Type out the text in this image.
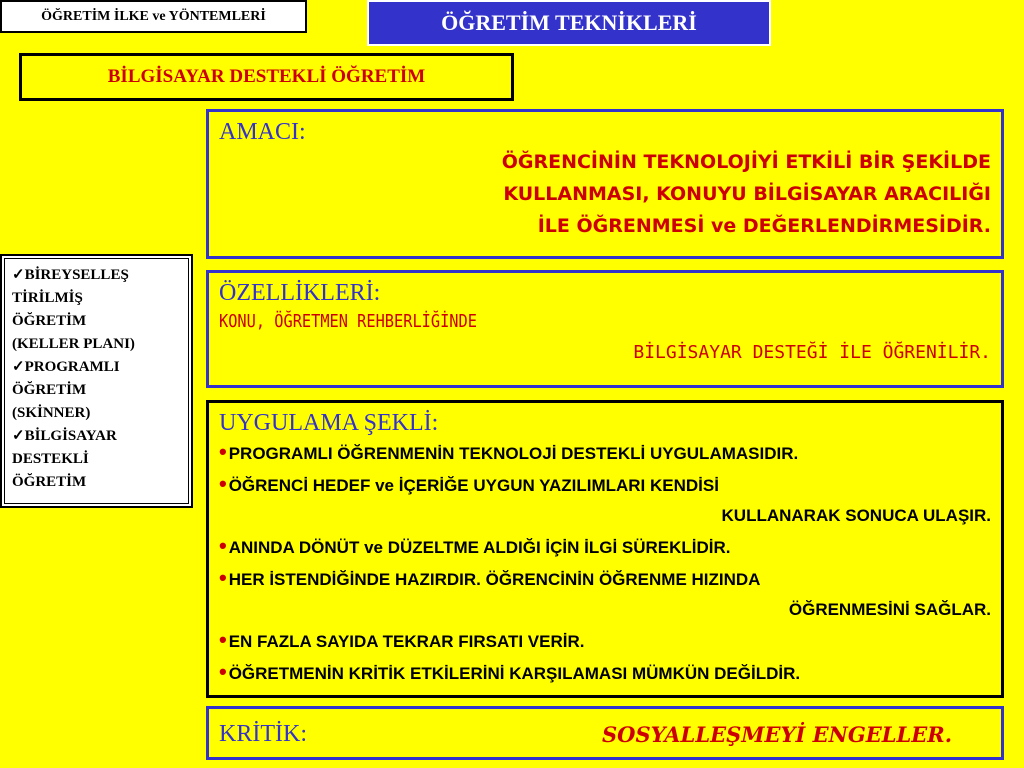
ÖĞRETİM İLKE ve YÖNTEMLERİ	ÖĞRETİM TEKNİKLERİ
BİLGİSAYAR DESTEKLİ ÖĞRETİM
✓BİREYSELLEŞ
TİRİLMİŞ
ÖĞRETİM
(KELLER PLANI)
✓PROGRAMLI
ÖĞRETİM
(SKİNNER)
✓BİLGİSAYAR
DESTEKLİ
ÖĞRETİM
AMACI:
ÖĞRENCİNİN TEKNOLOJİYİ ETKİLİ BİR ŞEKİLDE
KULLANMASI, KONUYU BİLGİSAYAR ARACILIĞI
İLE ÖĞRENMESİ ve DEĞERLENDİRMESİDİR.
ÖZELLİKLERİ:
KONU, ÖĞRETMEN REHBERLİĞİNDE
BİLGİSAYAR DESTEĞİ İLE ÖĞRENİLİR.
UYGULAMA ŞEKLİ:
• PROGRAMLI ÖĞRENMENİN TEKNOLOJİ DESTEKLİ UYGULAMASIDIR.
• ÖĞRENCİ HEDEF ve İÇERİĞE UYGUN YAZILIMLARI KENDİSİ
KULLANARAK SONUCA ULAŞIR.
• ANINDA DÖNÜT ve DÜZELTME ALDIĞI İÇİN İLGİ SÜREKLİDİR.
• HER İSTENDİĞİNDE HAZIRDIR. ÖĞRENCİNİN ÖĞRENME HIZINDA
ÖĞRENMESİNİ SAĞLAR.
• EN FAZLA SAYIDA TEKRAR FIRSATI VERİR.
• ÖĞRETMENİN KRİTİK ETKİLERİNİ KARŞILAMASI MÜMKÜN DEĞİLDİR.
KRİTİK:	SOSYALLEŞMEYİ ENGELLER.
